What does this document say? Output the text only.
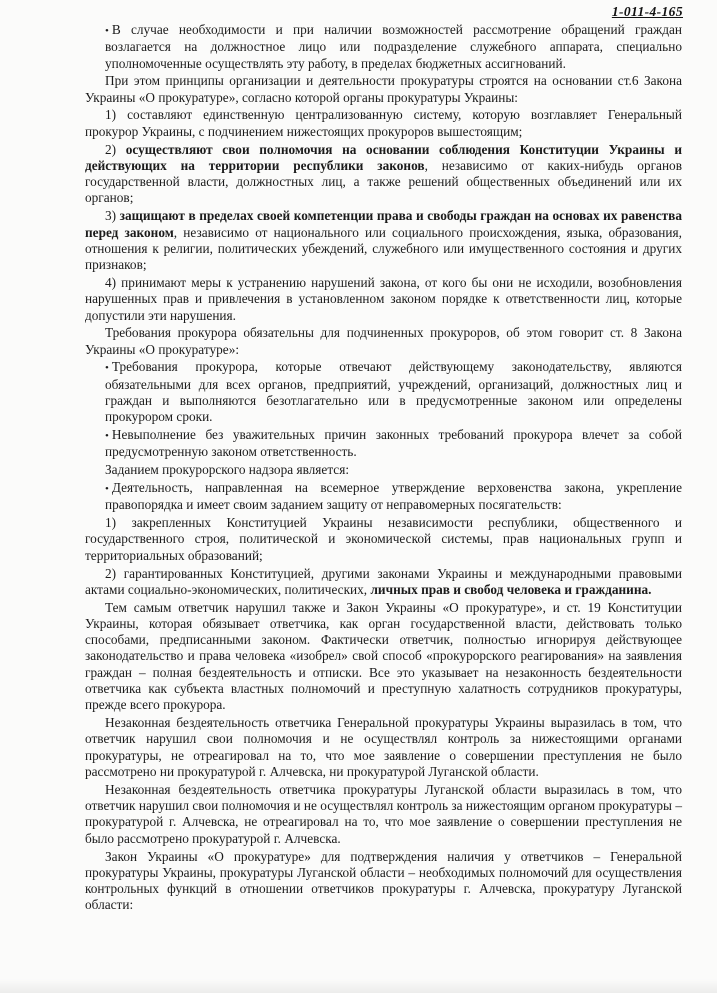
1-011-4-165

• В случае необходимости и при наличии возможностей рассмотрение обращений граждан возлагается на должностное лицо или подразделение служебного аппарата, специально уполномоченные осуществлять эту работу, в пределах бюджетных ассигнований.

При этом принципы организации и деятельности прокуратуры строятся на основании ст.6 Закона Украины «О прокуратуре», согласно которой органы прокуратуры Украины:

1) составляют единственную централизованную систему, которую возглавляет Генеральный прокурор Украины, с подчинением нижестоящих прокуроров вышестоящим;

2) осуществляют свои полномочия на основании соблюдения Конституции Украины и действующих на территории республики законов, независимо от каких-нибудь органов государственной власти, должностных лиц, а также решений общественных объединений или их органов;

3) защищают в пределах своей компетенции права и свободы граждан на основах их равенства перед законом, независимо от национального или социального происхождения, языка, образования, отношения к религии, политических убеждений, служебного или имущественного состояния и других признаков;

4) принимают меры к устранению нарушений закона, от кого бы они не исходили, возобновления нарушенных прав и привлечения в установленном законом порядке к ответственности лиц, которые допустили эти нарушения.

Требования прокурора обязательны для подчиненных прокуроров, об этом говорит ст. 8 Закона Украины «О прокуратуре»:

• Требования прокурора, которые отвечают действующему законодательству, являются обязательными для всех органов, предприятий, учреждений, организаций, должностных лиц и граждан и выполняются безотлагательно или в предусмотренные законом или определены прокурором сроки.

• Невыполнение без уважительных причин законных требований прокурора влечет за собой предусмотренную законом ответственность.

Заданием прокурорского надзора является:

• Деятельность, направленная на всемерное утверждение верховенства закона, укрепление правопорядка и имеет своим заданием защиту от неправомерных посягательств:

1) закрепленных Конституцией Украины независимости республики, общественного и государственного строя, политической и экономической системы, прав национальных групп и территориальных образований;

2) гарантированных Конституцией, другими законами Украины и международными правовыми актами социально-экономических, политических, личных прав и свобод человека и гражданина.

Тем самым ответчик нарушил также и Закон Украины «О прокуратуре», и ст. 19 Конституции Украины, которая обязывает ответчика, как орган государственной власти, действовать только способами, предписанными законом. Фактически ответчик, полностью игнорируя действующее законодательство и права человека «изобрел» свой способ «прокурорского реагирования» на заявления граждан – полная бездеятельность и отписки. Все это указывает на незаконность бездеятельности ответчика как субъекта властных полномочий и преступную халатность сотрудников прокуратуры, прежде всего прокурора.

Незаконная бездеятельность ответчика Генеральной прокуратуры Украины выразилась в том, что ответчик нарушил свои полномочия и не осуществлял контроль за нижестоящими органами прокуратуры, не отреагировал на то, что мое заявление о совершении преступления не было рассмотрено ни прокуратурой г. Алчевска, ни прокуратурой Луганской области.

Незаконная бездеятельность ответчика прокуратуры Луганской области выразилась в том, что ответчик нарушил свои полномочия и не осуществлял контроль за нижестоящим органом прокуратуры – прокуратурой г. Алчевска, не отреагировал на то, что мое заявление о совершении преступления не было рассмотрено прокуратурой г. Алчевска.

Закон Украины «О прокуратуре» для подтверждения наличия у ответчиков – Генеральной прокуратуры Украины, прокуратуры Луганской области – необходимых полномочий для осуществления контрольных функций в отношении ответчиков прокуратуры г. Алчевска, прокуратуру Луганской области:
